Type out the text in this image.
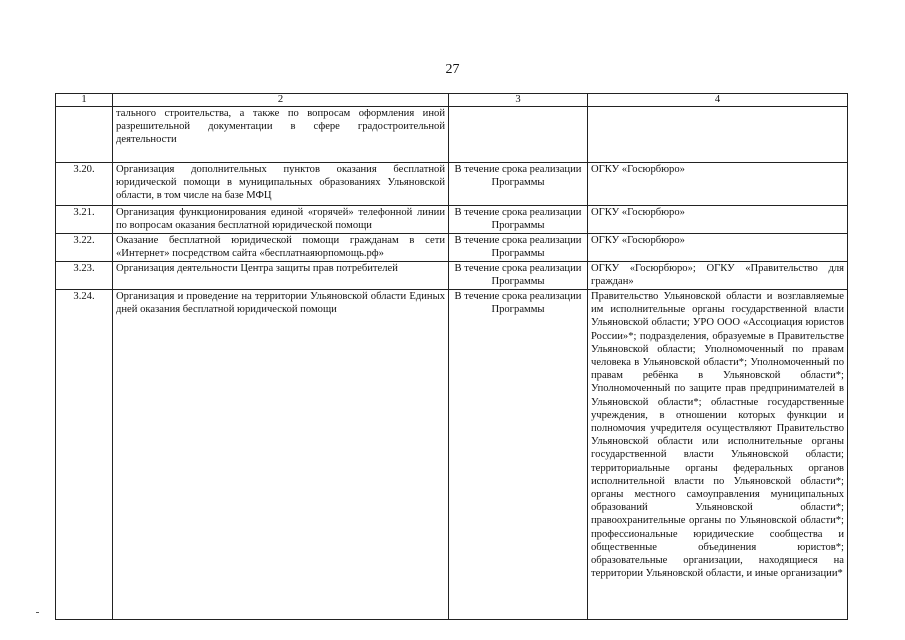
27
1	2	3	4
	тального строительства, а также по вопросам оформления иной разрешительной документации в сфере градостроительной деятельности		
3.20.	Организация дополнительных пунктов оказания бесплатной юридической помощи в муниципальных образованиях Ульяновской области, в том числе на базе МФЦ	В течение срока реализации Программы	ОГКУ «Госюрбюро»
3.21.	Организация функционирования единой «горячей» телефонной линии по вопросам оказания бесплатной юридической помощи	В течение срока реализации Программы	ОГКУ «Госюрбюро»
3.22.	Оказание бесплатной юридической помощи гражданам в сети «Интернет» посредством сайта «бесплатнаяюрпомощь.рф»	В течение срока реализации Программы	ОГКУ «Госюрбюро»
3.23.	Организация деятельности Центра защиты прав потребителей	В течение срока реализации Программы	ОГКУ «Госюрбюро»; ОГКУ «Правительство для граждан»
3.24.	Организация и проведение на территории Ульяновской области Единых дней оказания бесплатной юридической помощи	В течение срока реализации Программы	Правительство Ульяновской области и возглавляемые им исполнительные органы государственной власти Ульяновской области; УРО ООО «Ассоциация юристов России»*; подразделения, образуемые в Правительстве Ульяновской области; Уполномоченный по правам человека в Ульяновской области*; Уполномоченный по правам ребёнка в Ульяновской области*; Уполномоченный по защите прав предпринимателей в Ульяновской области*; областные государственные учреждения, в отношении которых функции и полномочия учредителя осуществляют Правительство Ульяновской области или исполнительные органы государственной власти Ульяновской области; территориальные органы федеральных органов исполнительной власти по Ульяновской области*; органы местного самоуправления муниципальных образований Ульяновской области*; правоохранительные органы по Ульяновской области*; профессиональные юридические сообщества и общественные объединения юристов*; образовательные организации, находящиеся на территории Ульяновской области, и иные организации*
